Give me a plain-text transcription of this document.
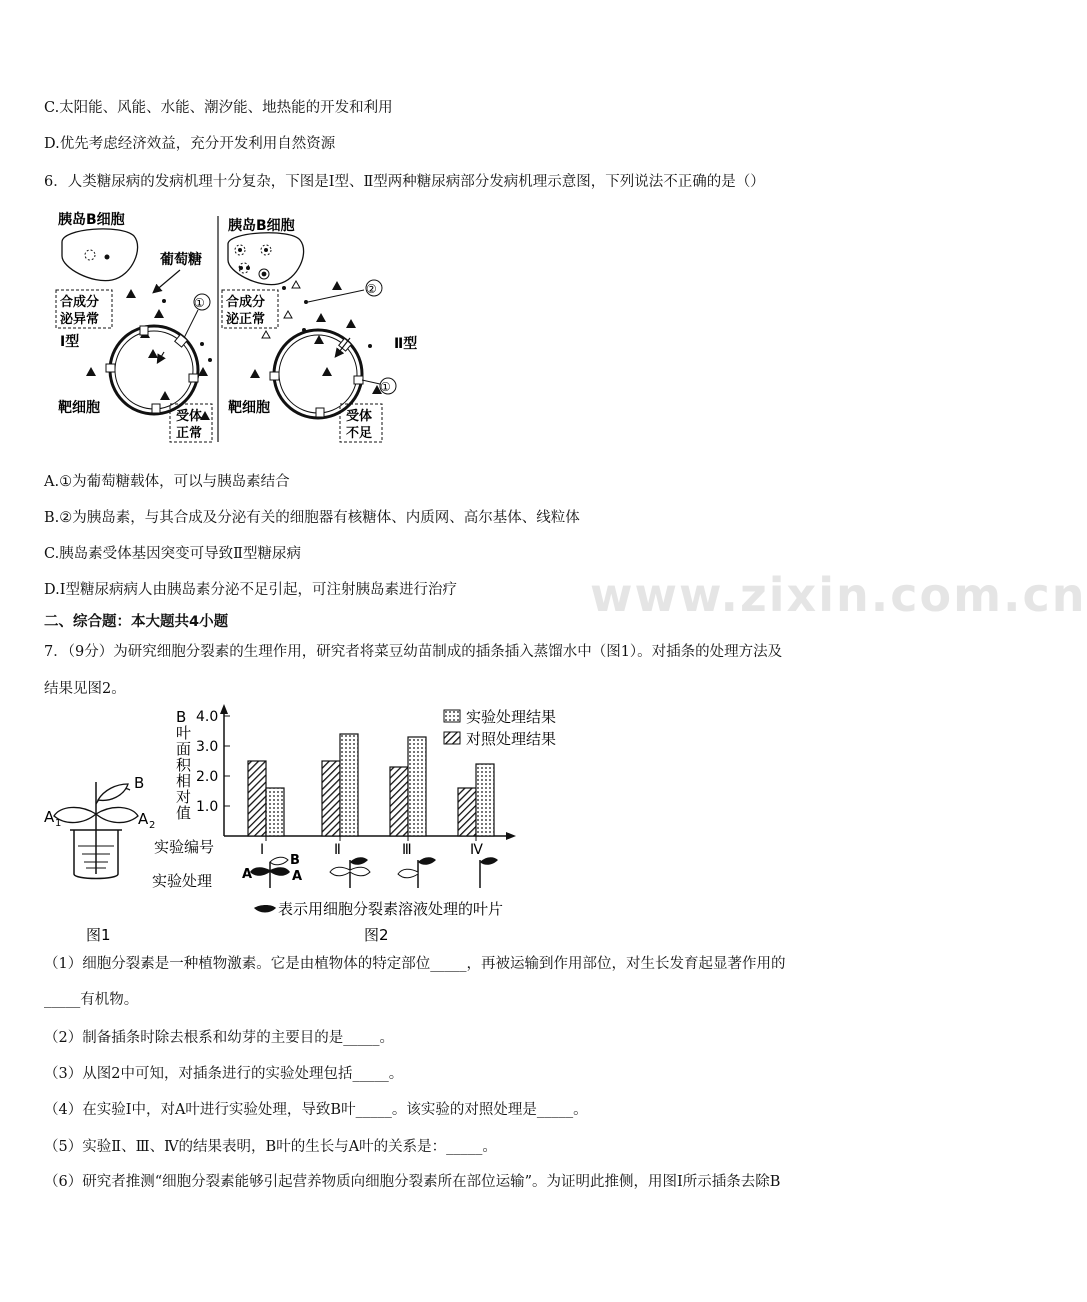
C.太阳能、风能、水能、潮汐能、地热能的开发和利用
D.优先考虑经济效益，充分开发利用自然资源
6．人类糖尿病的发病机理十分复杂，下图是Ⅰ型、Ⅱ型两种糖尿病部分发病机理示意图，下列说法不正确的是（）
胰岛B细胞
葡萄糖
合成分
泌异常
Ⅰ型
①
靶细胞
受体
正常
胰岛B细胞
合成分
泌正常
②
Ⅱ型
①
靶细胞
受体
不足
A.①为葡萄糖载体，可以与胰岛素结合
B.②为胰岛素，与其合成及分泌有关的细胞器有核糖体、内质网、高尔基体、线粒体
C.胰岛素受体基因突变可导致Ⅱ型糖尿病
D.Ⅰ型糖尿病病人由胰岛素分泌不足引起，可注射胰岛素进行治疗
二、综合题：本大题共4小题	www.zixin.com.cn
7．（9分）为研究细胞分裂素的生理作用，研究者将菜豆幼苗制成的插条插入蒸馏水中（图1）。对插条的处理方法及
结果见图2。
B
A 1	A 2
图1
B
叶
面
积
相
对
值 1.0
2.0
3.0
4.0
Ⅰ	Ⅱ	Ⅲ	Ⅳ
实验处理结果
对照处理结果
实验编号
实验处理 A
B
A
表示用细胞分裂素溶液处理的叶片
图2
（1）细胞分裂素是一种植物激素。它是由植物体的特定部位_____，再被运输到作用部位，对生长发育起显著作用的
_____有机物。
（2）制备插条时除去根系和幼芽的主要目的是_____。
（3）从图2中可知，对插条进行的实验处理包括_____。
（4）在实验Ⅰ中，对A叶进行实验处理，导致B叶_____。该实验的对照处理是_____。
（5）实验Ⅱ、Ⅲ、Ⅳ的结果表明，B叶的生长与A叶的关系是：_____。
（6）研究者推测“细胞分裂素能够引起营养物质向细胞分裂素所在部位运输”。为证明此推侧，用图Ⅰ所示插条去除B
